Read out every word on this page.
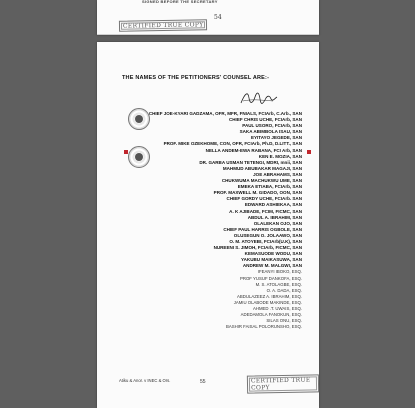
SIGNED BEFORE THE SECRETARY
CERTIFIED TRUE COPY
54
THE NAMES OF THE PETITIONERS' COUNSEL ARE:-
CHIEF JOE-KYARI GADZAMA, OFR, MFR, FNIALS, FCIArb, C.Arb., SAN
CHIEF CHRIS UCHE, FCIArb, SAN
PAUL USORO, FCIArb, SAN
SAKA ABIMBOLA ISAU, SAN
EYITAYO JEGEDE, SAN
PROF. MIKE OZEKHOME, CON, OFR, FCIArb, Ph.D, D.LITT., SAN
NELLA ANDEM-EWA RABANA, FCI Arb, SAN
KEN E. MOZIA, SAN
DR. GARBA USMAN TETENGI, MDRI, mnii, SAN
MAHMUD ABUBAKAR MAGAJI, SAN
JOE ABRAHAMS, SAN
CHUKWUMA MACHUKWU UME, SAN
EMEKA ETIABA, FCIArb, SAN
PROF. MAXWELL M. GIDADO, OON, SAN
CHIEF GORDY UCHE, FCIArb. SAN
EDWARD ASHIEKAA, SAN
A. K AJIBADE, FCIM, FICMC, SAN
ABDUL A. IBRAHIM, SAN
OLALEKAN OJO, SAN
CHIEF PAUL HARRIS OGBOLE, SAN
OLUSEGUN O. JOLAAWO, SAN
O. M. ATOYEBI, FCIArb(U.K), SAN
NUREENI S. JIMOH, FCIArb, FICMC, SAN
KEMASUODE WODU, SAN
YAKUBU MAIKASUWA, SAN
ANDREW M. MALGWI, SAN
IFEANYI IBOKO, ESQ.
PROF YUSUF DANKOFA, ESQ.
M. S. ATOLAGBE, ESQ.
O. A. DADA, ESQ.
ABDULAZEEZ A. IBRAHIM, ESQ.
JAMIU OLABODE MAKINDE, ESQ.
AHMED .T. UWAIS, ESQ.
ADEDAMOLA FANOKUN, ESQ.
SILAS ONU, ESQ.
BASHIR FAISAL POLORUNSHO, ESQ.
Atiku & Anor. v INEC & Ors.	55	CERTIFIED TRUE COPY
